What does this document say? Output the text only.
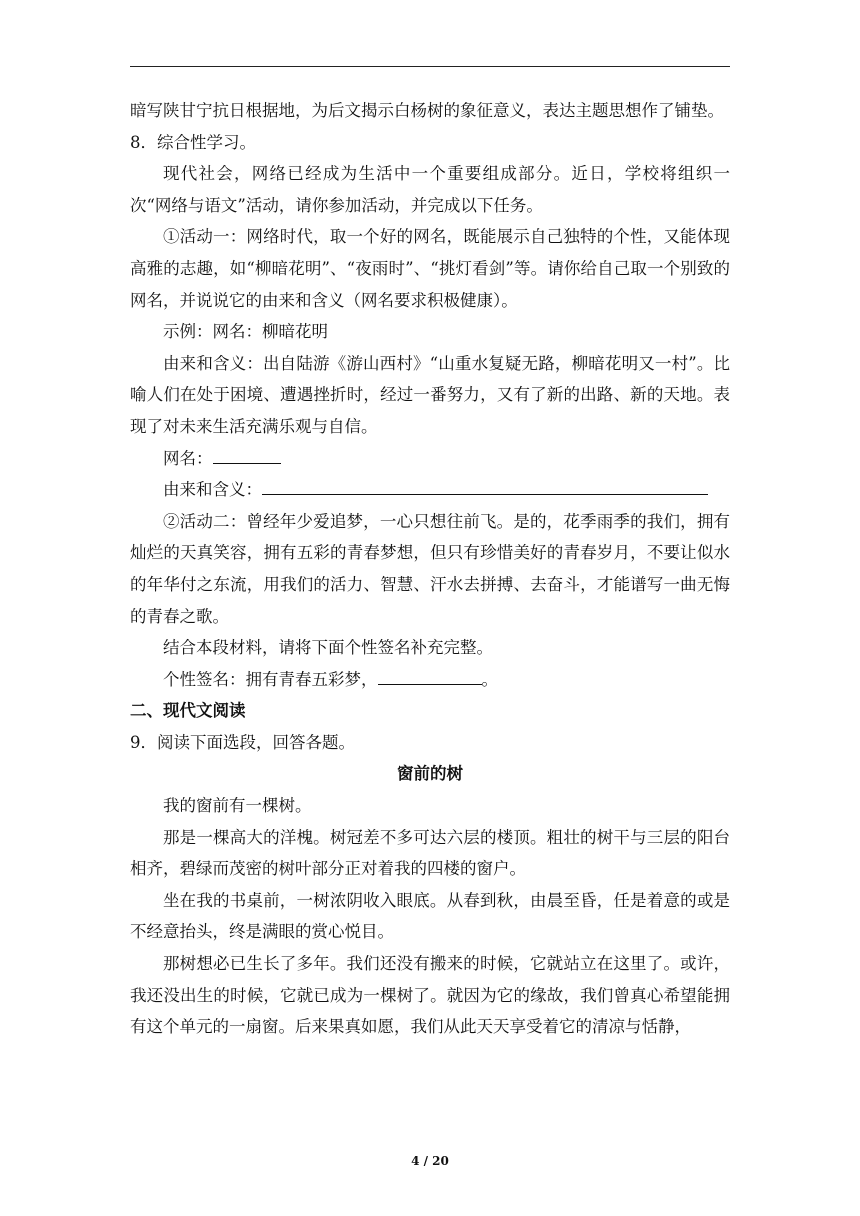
暗写陕甘宁抗日根据地，为后文揭示白杨树的象征意义，表达主题思想作了铺垫。

8．综合性学习。

现代社会，网络已经成为生活中一个重要组成部分。近日，学校将组织一次“网络与语文”活动，请你参加活动，并完成以下任务。

①活动一：网络时代，取一个好的网名，既能展示自己独特的个性，又能体现高雅的志趣，如“柳暗花明”、“夜雨时”、“挑灯看剑”等。请你给自己取一个别致的网名，并说说它的由来和含义（网名要求积极健康）。

示例：网名：柳暗花明

由来和含义：出自陆游《游山西村》“山重水复疑无路，柳暗花明又一村”。比喻人们在处于困境、遭遇挫折时，经过一番努力，又有了新的出路、新的天地。表现了对未来生活充满乐观与自信。

网名：

由来和含义：

②活动二：曾经年少爱追梦，一心只想往前飞。是的，花季雨季的我们，拥有灿烂的天真笑容，拥有五彩的青春梦想，但只有珍惜美好的青春岁月，不要让似水的年华付之东流，用我们的活力、智慧、汗水去拼搏、去奋斗，才能谱写一曲无悔的青春之歌。

结合本段材料，请将下面个性签名补充完整。

个性签名：拥有青春五彩梦，	。

二、现代文阅读

9．阅读下面选段，回答各题。

窗前的树

我的窗前有一棵树。

那是一棵高大的洋槐。树冠差不多可达六层的楼顶。粗壮的树干与三层的阳台相齐，碧绿而茂密的树叶部分正对着我的四楼的窗户。

坐在我的书桌前，一树浓阴收入眼底。从春到秋，由晨至昏，任是着意的或是不经意抬头，终是满眼的赏心悦目。

那树想必已生长了多年。我们还没有搬来的时候，它就站立在这里了。或许，我还没出生的时候，它就已成为一棵树了。就因为它的缘故，我们曾真心希望能拥有这个单元的一扇窗。后来果真如愿，我们从此天天享受着它的清凉与恬静，

4 / 20
